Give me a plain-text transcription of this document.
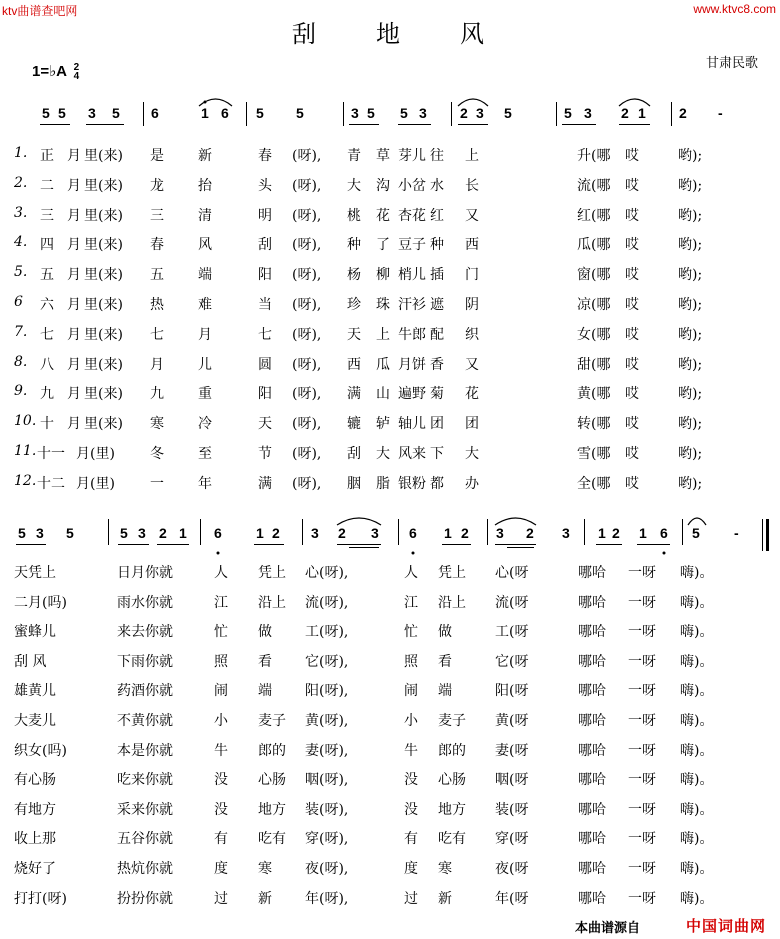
ktv曲谱查吧网	www.ktvc8.com
刮地风
1=♭A 2
4
甘肃民歌
5 5 3 5 6	1 6 5 5	3 5 5 3 2 3 5	5 3 2 1 2 -
1. 正 月 里(来) 是 新	春 (呀), 青 草 芽儿 往 上	升(哪 哎	哟);
2. 二 月 里(来) 龙 抬	头 (呀), 大 沟 小岔 水 长	流(哪 哎	哟);
3. 三 月 里(来) 三 清	明 (呀), 桃 花 杏花 红 又	红(哪 哎	哟);
4. 四 月 里(来) 春 风	刮 (呀), 种 了 豆子 种 西	瓜(哪 哎	哟);
5. 五 月 里(来) 五 端	阳 (呀), 杨 柳 梢儿 插 门	窗(哪 哎	哟);
6 六 月 里(来) 热 难	当 (呀), 珍 珠 汗衫 遮 阴	凉(哪 哎	哟);
7. 七 月 里(来) 七 月	七 (呀), 天 上 牛郎 配 织	女(哪 哎	哟);
8. 八 月 里(来) 月 儿	圆 (呀), 西 瓜 月饼 香 又	甜(哪 哎	哟);
9. 九 月 里(来) 九 重	阳 (呀), 满 山 遍野 菊 花	黄(哪 哎	哟);
10. 十 月 里(来) 寒 冷	天 (呀), 辘 轳 轴儿 团 团	转(哪 哎	哟);
11. 十一 月(里)	冬 至	节 (呀), 刮 大 风来 下 大	雪(哪 哎	哟);
12. 十二 月(里)	一 年	满 (呀), 胭 脂 银粉 都 办	全(哪 哎	哟);
5 3 5	5 3 2 1 6 1 2 3 2 3 6 1 2 3 2 3 1 2 1 6 5 -
天凭上	日月你就	人 凭上 心(呀),	人 凭上 心(呀	哪哈 一呀 嗨)。
二月(吗)	雨水你就	江 沿上 流(呀),	江 沿上 流(呀	哪哈 一呀 嗨)。
蜜蜂儿	来去你就	忙 做 工(呀),	忙 做	工(呀	哪哈 一呀 嗨)。
刮 风	下雨你就	照 看 它(呀),	照 看	它(呀	哪哈 一呀 嗨)。
雄黄儿	药酒你就	闹 端 阳(呀),	闹 端	阳(呀	哪哈 一呀 嗨)。
大麦儿	不黄你就	小 麦子 黄(呀),	小 麦子 黄(呀	哪哈 一呀 嗨)。
织女(吗)	本是你就	牛 郎的 妻(呀),	牛 郎的 妻(呀	哪哈 一呀 嗨)。
有心肠	吃来你就	没 心肠 咽(呀),	没 心肠 咽(呀	哪哈 一呀 嗨)。
有地方	采来你就	没 地方 装(呀),	没 地方 装(呀	哪哈 一呀 嗨)。
收上那	五谷你就	有 吃有 穿(呀),	有 吃有 穿(呀	哪哈 一呀 嗨)。
烧好了	热炕你就	度 寒 夜(呀),	度 寒	夜(呀	哪哈 一呀 嗨)。
打打(呀)	扮扮你就	过 新 年(呀),	过 新	年(呀	哪哈 一呀 嗨)。
本曲谱源自	中国词曲网
